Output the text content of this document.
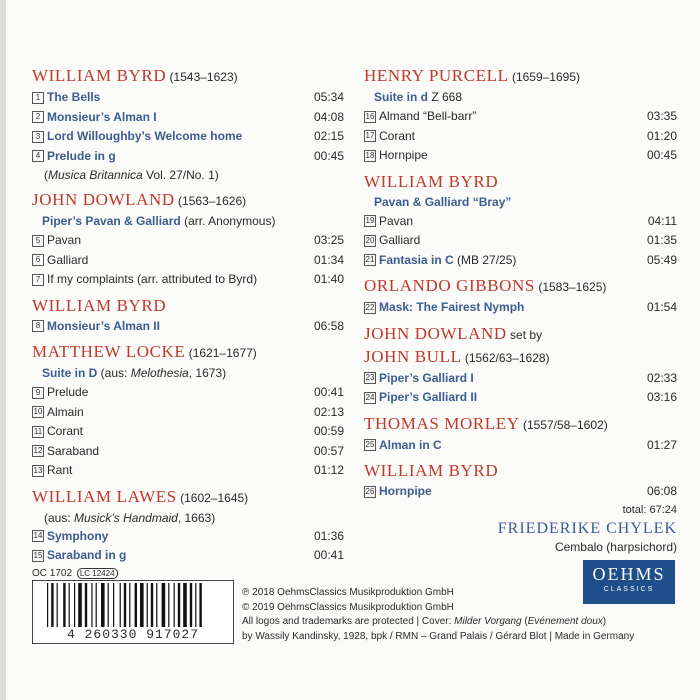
WILLIAM BYRD (1543–1623)
1 The Bells	05:34
2 Monsieur’s Alman I	04:08
3 Lord Willoughby’s Welcome home	02:15
4 Prelude in g	00:45
(Musica Britannica Vol. 27/No. 1)
JOHN DOWLAND (1563–1626)
Piper’s Pavan & Galliard (arr. Anonymous)
5 Pavan	03:25
6 Galliard	01:34
7 If my complaints (arr. attributed to Byrd)	01:40
WILLIAM BYRD
8 Monsieur’s Alman II	06:58
MATTHEW LOCKE (1621–1677)
Suite in D (aus: Melothesia, 1673)
9 Prelude	00:41
10 Almain	02:13
11 Corant	00:59
12 Saraband	00:57
13 Rant	01:12
WILLIAM LAWES (1602–1645)
(aus: Musick’s Handmaid, 1663)
14 Symphony	01:36
15 Saraband in g	00:41
HENRY PURCELL (1659–1695)
Suite in d Z 668
16 Almand “Bell-barr”	03:35
17 Corant	01:20
18 Hornpipe	00:45
WILLIAM BYRD
Pavan & Galliard “Bray”
19 Pavan	04:11
20 Galliard	01:35
21 Fantasia in C (MB 27/25)	05:49
ORLANDO GIBBONS (1583–1625)
22 Mask: The Fairest Nymph	01:54
JOHN DOWLAND set by
JOHN BULL (1562/63–1628)
23 Piper’s Galliard I	02:33
24 Piper’s Galliard II	03:16
THOMAS MORLEY (1557/58–1602)
25 Alman in C	01:27
WILLIAM BYRD
26 Hornpipe	06:08
total: 67:24
FRIEDERIKE CHYLEK
Cembalo (harpsichord)
OC 1702 LC 12424
4 260330 917027
℗ 2018 OehmsClassics Musikproduktion GmbH
© 2019 OehmsClassics Musikproduktion GmbH
All logos and trademarks are protected | Cover: Milder Vorgang (Evénement doux)
by Wassily Kandinsky, 1928, bpk / RMN – Grand Palais / Gérard Blot | Made in Germany
OEHMS
CLASSICS
